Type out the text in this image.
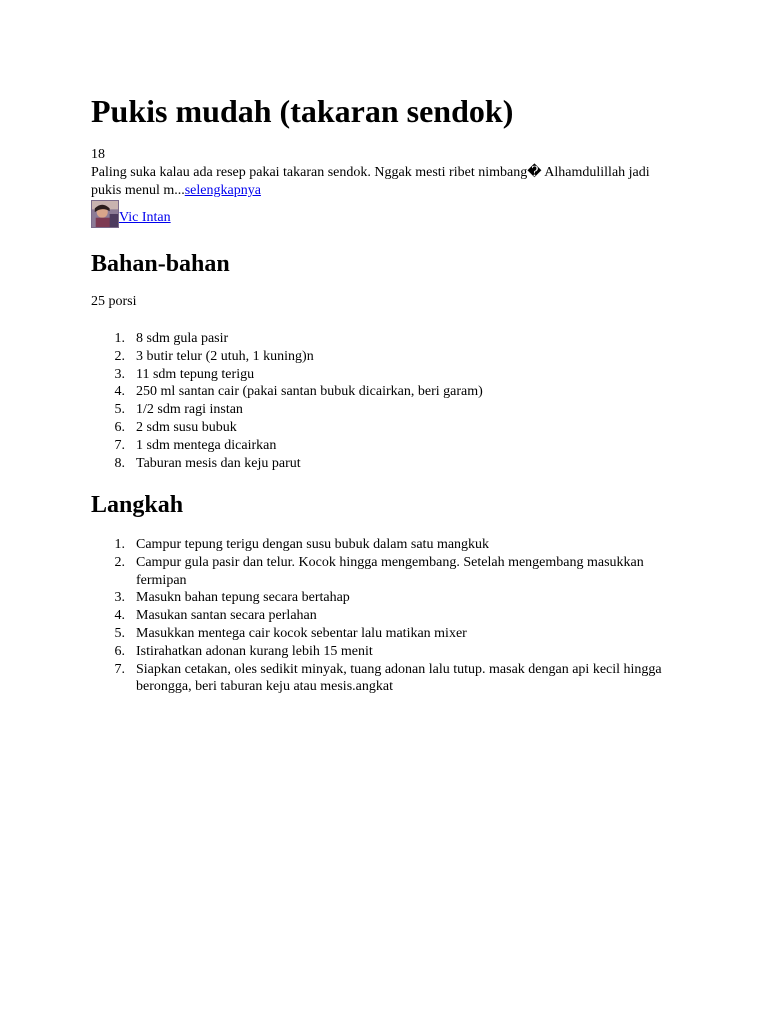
Pukis mudah (takaran sendok)
18
Paling suka kalau ada resep pakai takaran sendok. Nggak mesti ribet nimbang� Alhamdulillah jadi pukis menul m...selengkapnya
Vic Intan
Bahan-bahan
25 porsi
8 sdm gula pasir
3 butir telur (2 utuh, 1 kuning)n
11 sdm tepung terigu
250 ml santan cair (pakai santan bubuk dicairkan, beri garam)
1/2 sdm ragi instan
2 sdm susu bubuk
1 sdm mentega dicairkan
Taburan mesis dan keju parut
Langkah
Campur tepung terigu dengan susu bubuk dalam satu mangkuk
Campur gula pasir dan telur. Kocok hingga mengembang. Setelah mengembang masukkan fermipan
Masukn bahan tepung secara bertahap
Masukan santan secara perlahan
Masukkan mentega cair kocok sebentar lalu matikan mixer
Istirahatkan adonan kurang lebih 15 menit
Siapkan cetakan, oles sedikit minyak, tuang adonan lalu tutup. masak dengan api kecil hingga berongga, beri taburan keju atau mesis.angkat
